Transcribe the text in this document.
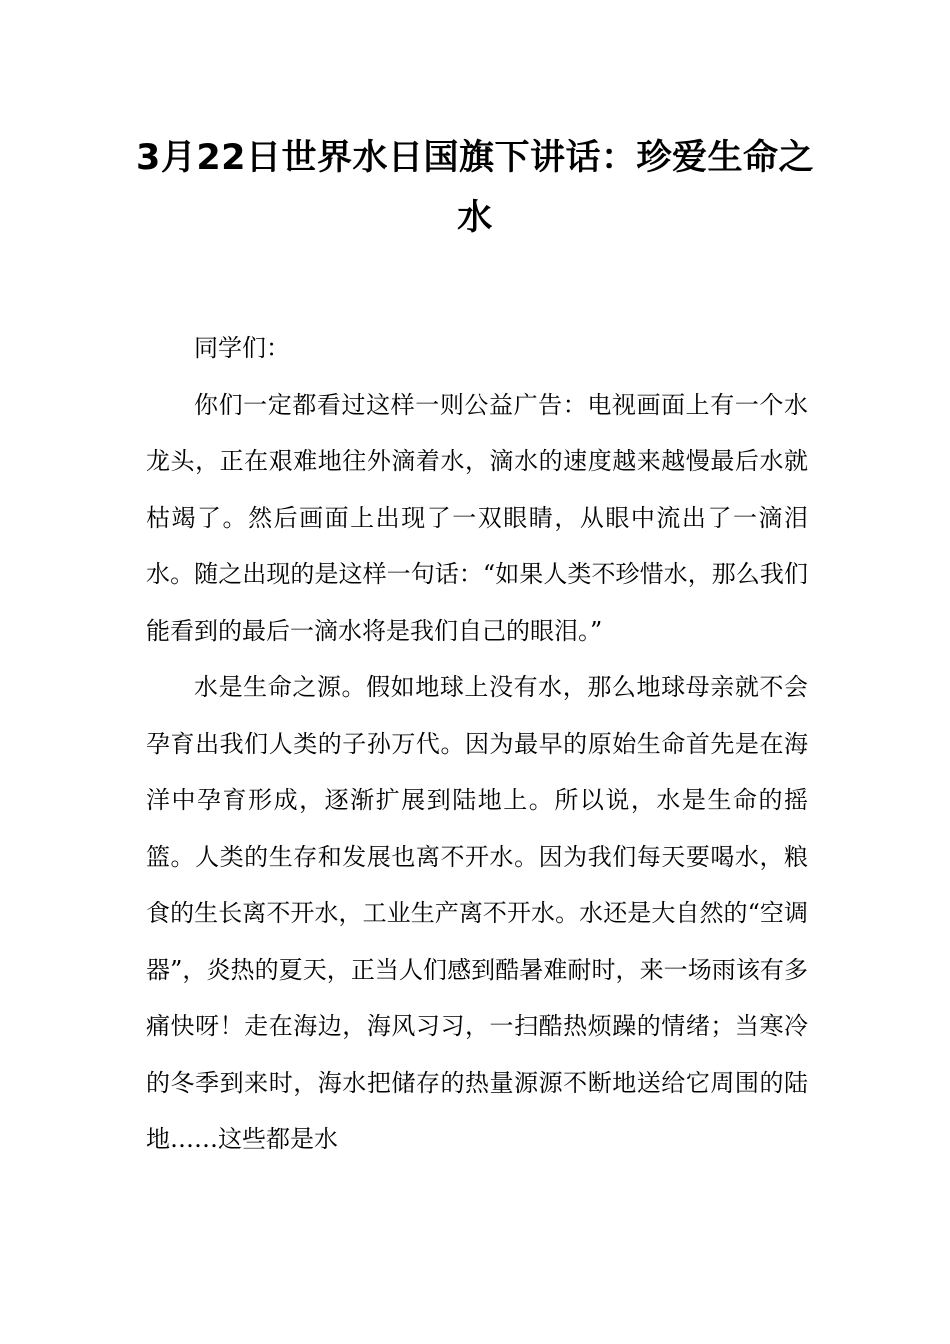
3月22日世界水日国旗下讲话：珍爱生命之水

同学们：

你们一定都看过这样一则公益广告：电视画面上有一个水龙头，正在艰难地往外滴着水，滴水的速度越来越慢最后水就枯竭了。然后画面上出现了一双眼睛，从眼中流出了一滴泪水。随之出现的是这样一句话：“如果人类不珍惜水，那么我们能看到的最后一滴水将是我们自己的眼泪。”

水是生命之源。假如地球上没有水，那么地球母亲就不会孕育出我们人类的子孙万代。因为最早的原始生命首先是在海洋中孕育形成，逐渐扩展到陆地上。所以说，水是生命的摇篮。人类的生存和发展也离不开水。因为我们每天要喝水，粮食的生长离不开水，工业生产离不开水。水还是大自然的“空调器”，炎热的夏天，正当人们感到酷暑难耐时，来一场雨该有多痛快呀！走在海边，海风习习，一扫酷热烦躁的情绪；当寒冷的冬季到来时，海水把储存的热量源源不断地送给它周围的陆地……这些都是水
